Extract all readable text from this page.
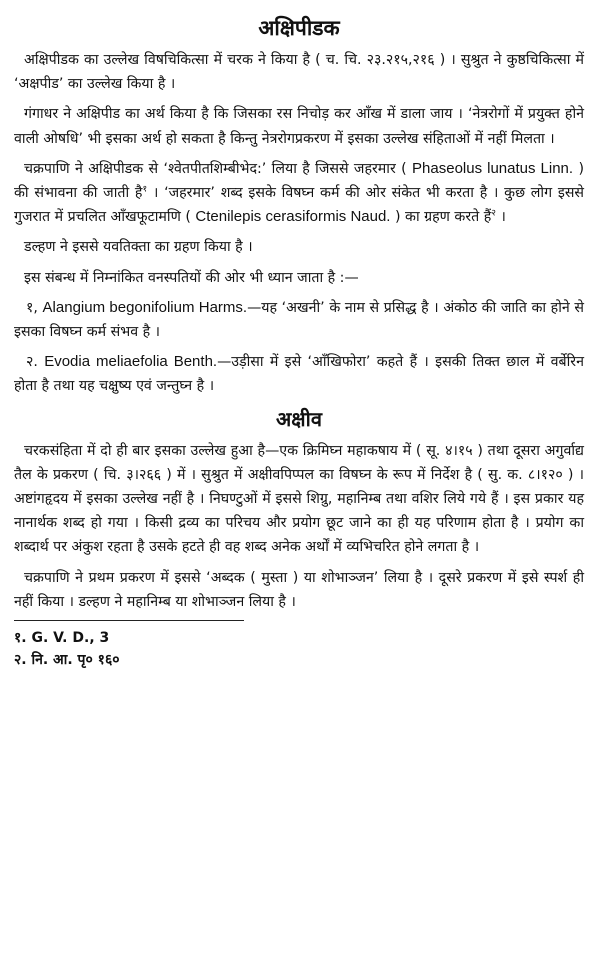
अक्षिपीडक

अक्षिपीडक का उल्लेख विषचिकित्सा में चरक ने किया है ( च. चि. २३.२१५,२१६ ) । सुश्रुत ने कुष्ठचिकित्सा में ‘अक्षपीड’ का उल्लेख किया है ।

गंगाधर ने अक्षिपीड का अर्थ किया है कि जिसका रस निचोड़ कर आँख में डाला जाय । ‘नेत्ररोगों में प्रयुक्त होने वाली ओषधि’ भी इसका अर्थ हो सकता है किन्तु नेत्ररोगप्रकरण में इसका उल्लेख संहिताओं में नहीं मिलता ।

चक्रपाणि ने अक्षिपीडक से ‘श्वेतपीतशिम्बीभेद:’ लिया है जिससे जहरमार ( Phaseolus lunatus Linn. ) की संभावना की जाती है$^१$ । ‘जहरमार’ शब्द इसके विषघ्न कर्म की ओर संकेत भी करता है । कुछ लोग इससे गुजरात में प्रचलित आँखफूटामणि ( Ctenilepis cerasiformis Naud. ) का ग्रहण करते हैं$^२$ ।

डल्हण ने इससे यवतिक्ता का ग्रहण किया है ।

इस संबन्ध में निम्नांकित वनस्पतियों की ओर भी ध्यान जाता है :—

१, Alangium begonifolium Harms.—यह ‘अखनी’ के नाम से प्रसिद्ध है । अंकोठ की जाति का होने से इसका विषघ्न कर्म संभव है ।

२. Evodia meliaefolia Benth.—उड़ीसा में इसे ‘आँखिफोरा’ कहते हैं । इसकी तिक्त छाल में वर्बेरिन होता है तथा यह चक्षुष्य एवं जन्तुघ्न है ।

अक्षीव

चरकसंहिता में दो ही बार इसका उल्लेख हुआ है—एक क्रिमिघ्न महाकषाय में ( सू. ४।१५ ) तथा दूसरा अगुर्वाद्य तैल के प्रकरण ( चि. ३।२६६ ) में । सुश्रुत में अक्षीवपिप्पल का विषघ्न के रूप में निर्देश है ( सु. क. ८।१२० ) । अष्टांगहृदय में इसका उल्लेख नहीं है । निघण्टुओं में इससे शिग्रु, महानिम्ब तथा वशिर लिये गये हैं । इस प्रकार यह नानार्थक शब्द हो गया । किसी द्रव्य का परिचय और प्रयोग छूट जाने का ही यह परिणाम होता है । प्रयोग का शब्दार्थ पर अंकुश रहता है उसके हटते ही वह शब्द अनेक अर्थों में व्यभिचरित होने लगता है ।

चक्रपाणि ने प्रथम प्रकरण में इससे ‘अब्दक ( मुस्ता ) या शोभाञ्जन’ लिया है । दूसरे प्रकरण में इसे स्पर्श ही नहीं किया । डल्हण ने महानिम्ब या शोभाञ्जन लिया है ।

१. G. V. D., 3
२. नि. आ. पृ० १६०
